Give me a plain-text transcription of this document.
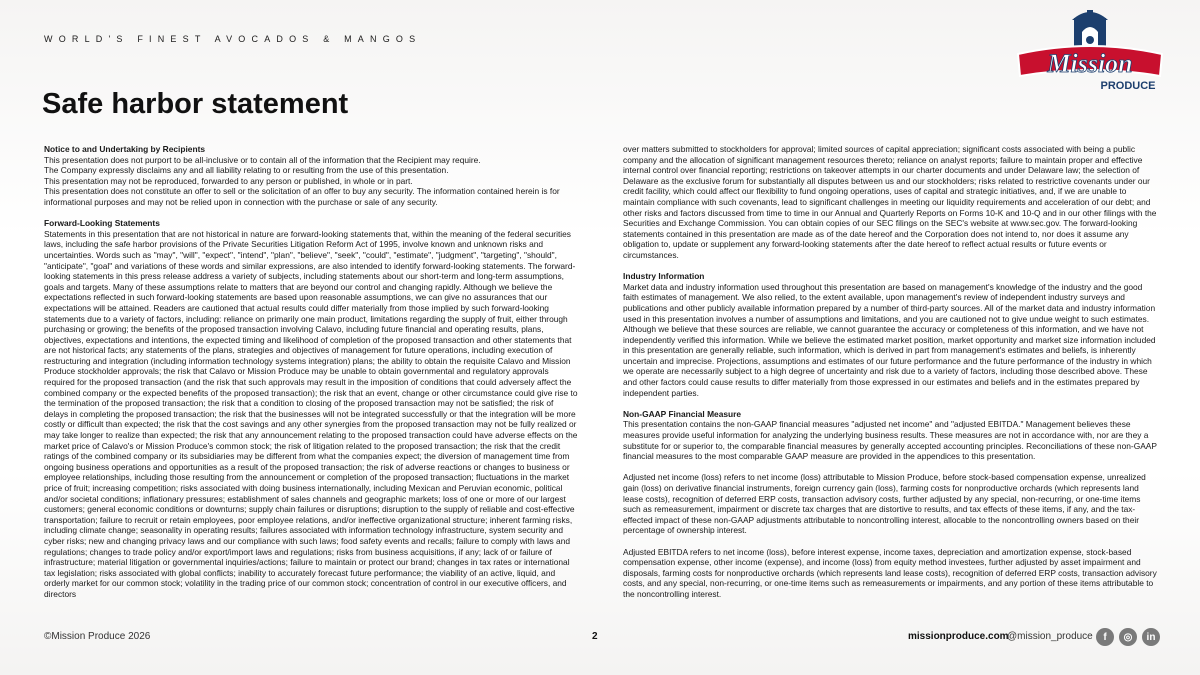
WORLD'S FINEST AVOCADOS & MANGOS
Mission
PRODUCE
Safe harbor statement
Notice to and Undertaking by Recipients

This presentation does not purport to be all-inclusive or to contain all of the information that the Recipient may require.

The Company expressly disclaims any and all liability relating to or resulting from the use of this presentation.

This presentation may not be reproduced, forwarded to any person or published, in whole or in part.

This presentation does not constitute an offer to sell or the solicitation of an offer to buy any security. The information contained herein is for informational purposes and may not be relied upon in connection with the purchase or sale of any security.

Forward-Looking Statements

Statements in this presentation that are not historical in nature are forward-looking statements that, within the meaning of the federal securities laws, including the safe harbor provisions of the Private Securities Litigation Reform Act of 1995, involve known and unknown risks and uncertainties. Words such as "may", "will", "expect", "intend", "plan", "believe", "seek", "could", "estimate", "judgment", "targeting", "should", "anticipate", "goal" and variations of these words and similar expressions, are also intended to identify forward-looking statements. The forward-looking statements in this press release address a variety of subjects, including statements about our short-term and long-term assumptions, goals and targets. Many of these assumptions relate to matters that are beyond our control and changing rapidly. Although we believe the expectations reflected in such forward-looking statements are based upon reasonable assumptions, we can give no assurances that our expectations will be attained. Readers are cautioned that actual results could differ materially from those implied by such forward-looking statements due to a variety of factors, including: reliance on primarily one main product, limitations regarding the supply of fruit, either through purchasing or growing; the benefits of the proposed transaction involving Calavo, including future financial and operating results, plans, objectives, expectations and intentions, the expected timing and likelihood of completion of the proposed transaction and other statements that are not historical facts; any statements of the plans, strategies and objectives of management for future operations, including execution of restructuring and integration (including information technology systems integration) plans; the ability to obtain the requisite Calavo and Mission Produce stockholder approvals; the risk that Calavo or Mission Produce may be unable to obtain governmental and regulatory approvals required for the proposed transaction (and the risk that such approvals may result in the imposition of conditions that could adversely affect the combined company or the expected benefits of the proposed transaction); the risk that an event, change or other circumstance could give rise to the termination of the proposed transaction; the risk that a condition to closing of the proposed transaction may not be satisfied; the risk of delays in completing the proposed transaction; the risk that the businesses will not be integrated successfully or that the integration will be more costly or difficult than expected; the risk that the cost savings and any other synergies from the proposed transaction may not be fully realized or may take longer to realize than expected; the risk that any announcement relating to the proposed transaction could have adverse effects on the market price of Calavo's or Mission Produce's common stock; the risk of litigation related to the proposed transaction; the risk that the credit ratings of the combined company or its subsidiaries may be different from what the companies expect; the diversion of management time from ongoing business operations and opportunities as a result of the proposed transaction; the risk of adverse reactions or changes to business or employee relationships, including those resulting from the announcement or completion of the proposed transaction; fluctuations in the market price of fruit; increasing competition; risks associated with doing business internationally, including Mexican and Peruvian economic, political and/or societal conditions; inflationary pressures; establishment of sales channels and geographic markets; loss of one or more of our largest customers; general economic conditions or downturns; supply chain failures or disruptions; disruption to the supply of reliable and cost-effective transportation; failure to recruit or retain employees, poor employee relations, and/or ineffective organizational structure; inherent farming risks, including climate change; seasonality in operating results; failures associated with information technology infrastructure, system security and cyber risks; new and changing privacy laws and our compliance with such laws; food safety events and recalls; failure to comply with laws and regulations; changes to trade policy and/or export/import laws and regulations; risks from business acquisitions, if any; lack of or failure of infrastructure; material litigation or governmental inquiries/actions; failure to maintain or protect our brand; changes in tax rates or international tax legislation; risks associated with global conflicts; inability to accurately forecast future performance; the viability of an active, liquid, and orderly market for our common stock; volatility in the trading price of our common stock; concentration of control in our executive officers, and directors

over matters submitted to stockholders for approval; limited sources of capital appreciation; significant costs associated with being a public company and the allocation of significant management resources thereto; reliance on analyst reports; failure to maintain proper and effective internal control over financial reporting; restrictions on takeover attempts in our charter documents and under Delaware law; the selection of Delaware as the exclusive forum for substantially all disputes between us and our stockholders; risks related to restrictive covenants under our credit facility, which could affect our flexibility to fund ongoing operations, uses of capital and strategic initiatives, and, if we are unable to maintain compliance with such covenants, lead to significant challenges in meeting our liquidity requirements and acceleration of our debt; and other risks and factors discussed from time to time in our Annual and Quarterly Reports on Forms 10-K and 10-Q and in our other filings with the Securities and Exchange Commission. You can obtain copies of our SEC filings on the SEC's website at www.sec.gov. The forward-looking statements contained in this presentation are made as of the date hereof and the Corporation does not intend to, nor does it assume any obligation to, update or supplement any forward-looking statements after the date hereof to reflect actual results or future events or circumstances.

Industry Information

Market data and industry information used throughout this presentation are based on management's knowledge of the industry and the good faith estimates of management. We also relied, to the extent available, upon management's review of independent industry surveys and publications and other publicly available information prepared by a number of third-party sources. All of the market data and industry information used in this presentation involves a number of assumptions and limitations, and you are cautioned not to give undue weight to such estimates. Although we believe that these sources are reliable, we cannot guarantee the accuracy or completeness of this information, and we have not independently verified this information. While we believe the estimated market position, market opportunity and market size information included in this presentation are generally reliable, such information, which is derived in part from management's estimates and beliefs, is inherently uncertain and imprecise. Projections, assumptions and estimates of our future performance and the future performance of the industry in which we operate are necessarily subject to a high degree of uncertainty and risk due to a variety of factors, including those described above. These and other factors could cause results to differ materially from those expressed in our estimates and beliefs and in the estimates prepared by independent parties.

Non-GAAP Financial Measure

This presentation contains the non-GAAP financial measures "adjusted net income" and "adjusted EBITDA." Management believes these measures provide useful information for analyzing the underlying business results. These measures are not in accordance with, nor are they a substitute for or superior to, the comparable financial measures by generally accepted accounting principles. Reconciliations of these non-GAAP financial measures to the most comparable GAAP measure are provided in the appendices to this presentation.

Adjusted net income (loss) refers to net income (loss) attributable to Mission Produce, before stock-based compensation expense, unrealized gain (loss) on derivative financial instruments, foreign currency gain (loss), farming costs for nonproductive orchards (which represents land lease costs), recognition of deferred ERP costs, transaction advisory costs, further adjusted by any special, non-recurring, or one-time items such as remeasurement, impairment or discrete tax charges that are distortive to results, and tax effects of these items, if any, and the tax-effected impact of these non-GAAP adjustments attributable to noncontrolling interest, allocable to the noncontrolling owners based on their percentage of ownership interest.

Adjusted EBITDA refers to net income (loss), before interest expense, income taxes, depreciation and amortization expense, stock-based compensation expense, other income (expense), and income (loss) from equity method investees, further adjusted by asset impairment and disposals, farming costs for nonproductive orchards (which represents land lease costs), recognition of deferred ERP costs, transaction advisory costs, and any special, non-recurring, or one-time items such as remeasurements or impairments, and any portion of these items attributable to the noncontrolling interest.

©Mission Produce 2026	2	missionproduce.com
@mission_produce	f	◎	in
